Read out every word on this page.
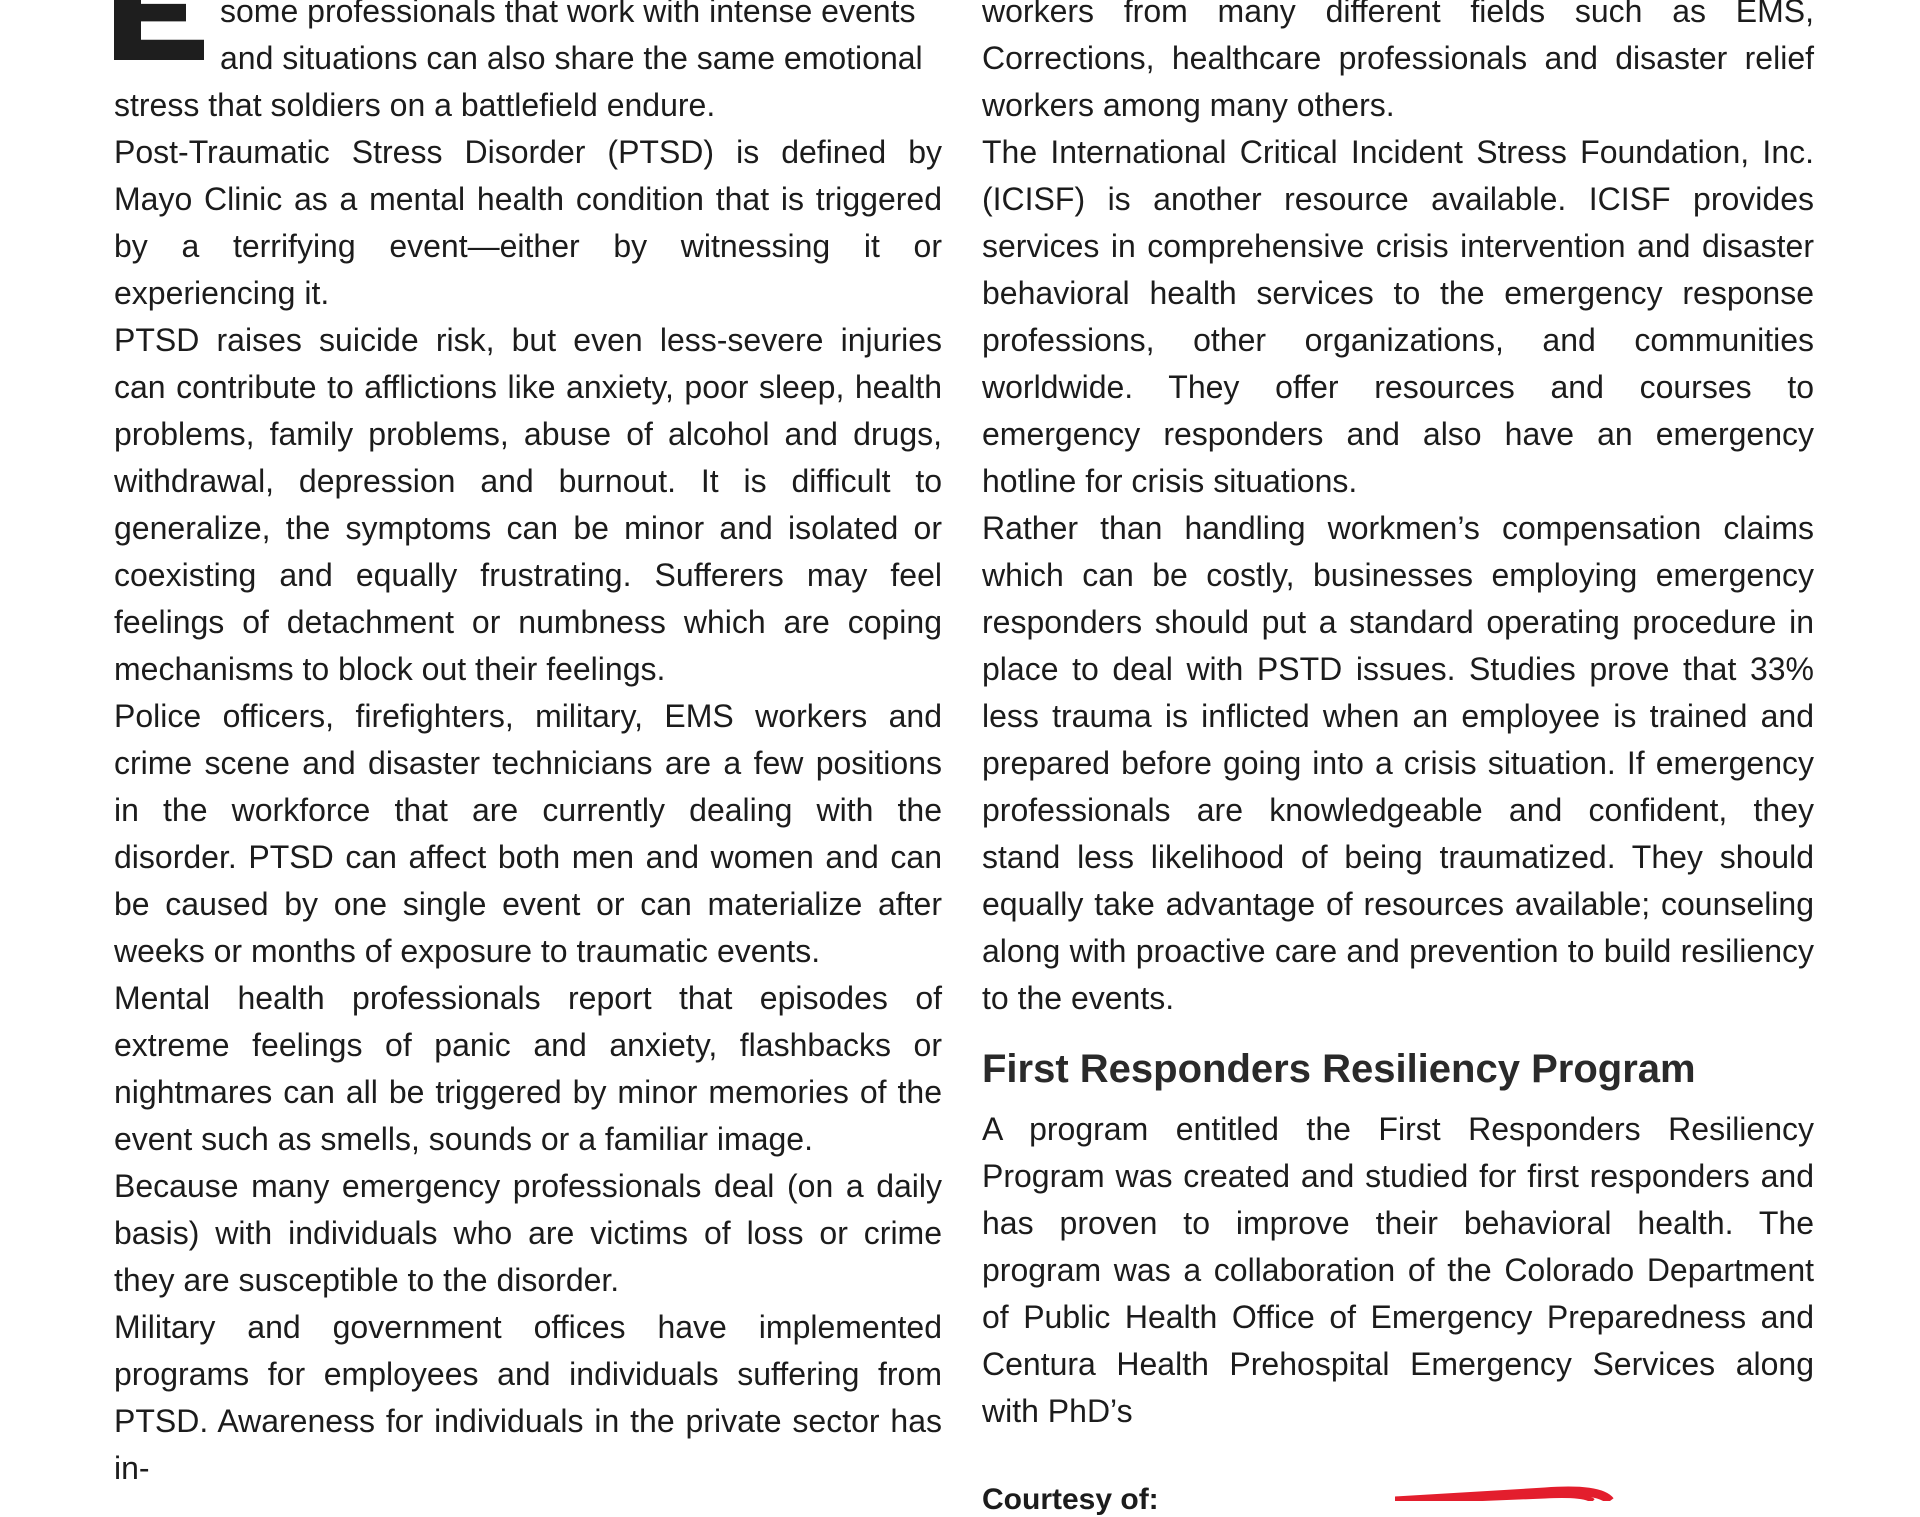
some professionals that work with intense events
and situations can also share the same emotional
stress that soldiers on a battlefield endure.

Post-Traumatic Stress Disorder (PTSD) is defined by Mayo Clinic as a mental health condition that is triggered by a terrifying event—either by witnessing it or experiencing it.

PTSD raises suicide risk, but even less-severe injuries can contribute to afflictions like anxiety, poor sleep, health problems, family problems, abuse of alcohol and drugs, withdrawal, depression and burnout. It is difficult to generalize, the symptoms can be minor and isolated or coexisting and equally frustrating. Sufferers may feel feelings of detachment or numbness which are coping mechanisms to block out their feelings.

Police officers, firefighters, military, EMS workers and crime scene and disaster technicians are a few positions in the workforce that are currently dealing with the disorder. PTSD can affect both men and women and can be caused by one single event or can materialize after weeks or months of exposure to traumatic events.

Mental health professionals report that episodes of extreme feelings of panic and anxiety, flashbacks or nightmares can all be triggered by minor memories of the event such as smells, sounds or a familiar image.

Because many emergency professionals deal (on a daily basis) with individuals who are victims of loss or crime they are susceptible to the disorder.

Military and government offices have implemented programs for employees and individuals suffering from PTSD. Awareness for individuals in the private sector has in-

workers from many different fields such as EMS, Corrections, healthcare professionals and disaster relief workers among many others.

The International Critical Incident Stress Foundation, Inc. (ICISF) is another resource available. ICISF provides services in comprehensive crisis intervention and disaster behavioral health services to the emergency response professions, other organizations, and communities worldwide. They offer resources and courses to emergency responders and also have an emergency hotline for crisis situations.

Rather than handling workmen’s compensation claims which can be costly, businesses employing emergency responders should put a standard operating procedure in place to deal with PSTD issues. Studies prove that 33% less trauma is inflicted when an employee is trained and prepared before going into a crisis situation. If emergency professionals are knowledgeable and confident, they stand less likelihood of being traumatized. They should equally take advantage of resources available; counseling along with proactive care and prevention to build resiliency to the events.

First Responders Resiliency Program

A program entitled the First Responders Resiliency Program was created and studied for first responders and has proven to improve their behavioral health. The program was a collaboration of the Colorado Department of Public Health Office of Emergency Preparedness and Centura Health Prehospital Emergency Services along with PhD’s

Courtesy of:
